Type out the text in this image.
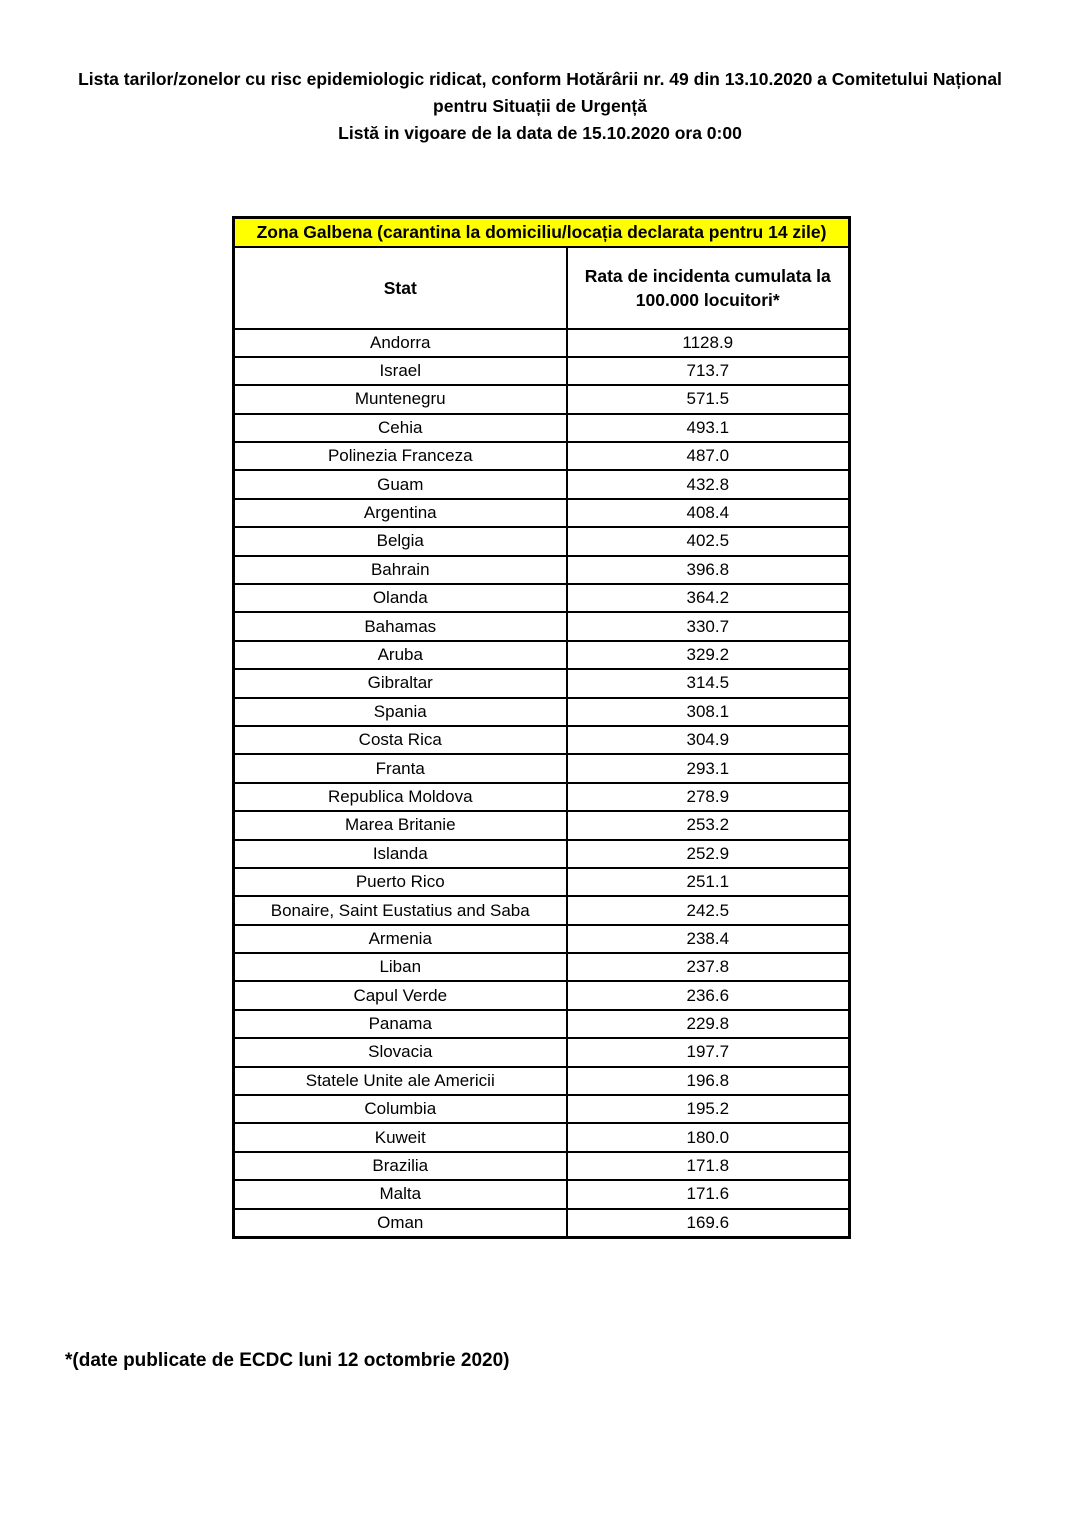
Lista tarilor/zonelor cu risc epidemiologic ridicat, conform Hotărârii nr. 49 din 13.10.2020 a Comitetului Național
pentru Situații de Urgență
Listă in vigoare de la data de 15.10.2020 ora 0:00
Zona Galbena (carantina la domiciliu/locația declarata pentru 14 zile)	
Stat	Rata de incidenta cumulata la 100.000 locuitori*
Andorra	1128.9
Israel	713.7
Muntenegru	571.5
Cehia	493.1
Polinezia Franceza	487.0
Guam	432.8
Argentina	408.4
Belgia	402.5
Bahrain	396.8
Olanda	364.2
Bahamas	330.7
Aruba	329.2
Gibraltar	314.5
Spania	308.1
Costa Rica	304.9
Franta	293.1
Republica Moldova	278.9
Marea Britanie	253.2
Islanda	252.9
Puerto Rico	251.1
Bonaire, Saint Eustatius and Saba	242.5
Armenia	238.4
Liban	237.8
Capul Verde	236.6
Panama	229.8
Slovacia	197.7
Statele Unite ale Americii	196.8
Columbia	195.2
Kuweit	180.0
Brazilia	171.8
Malta	171.6
Oman	169.6
*(date publicate de ECDC luni 12 octombrie 2020)
